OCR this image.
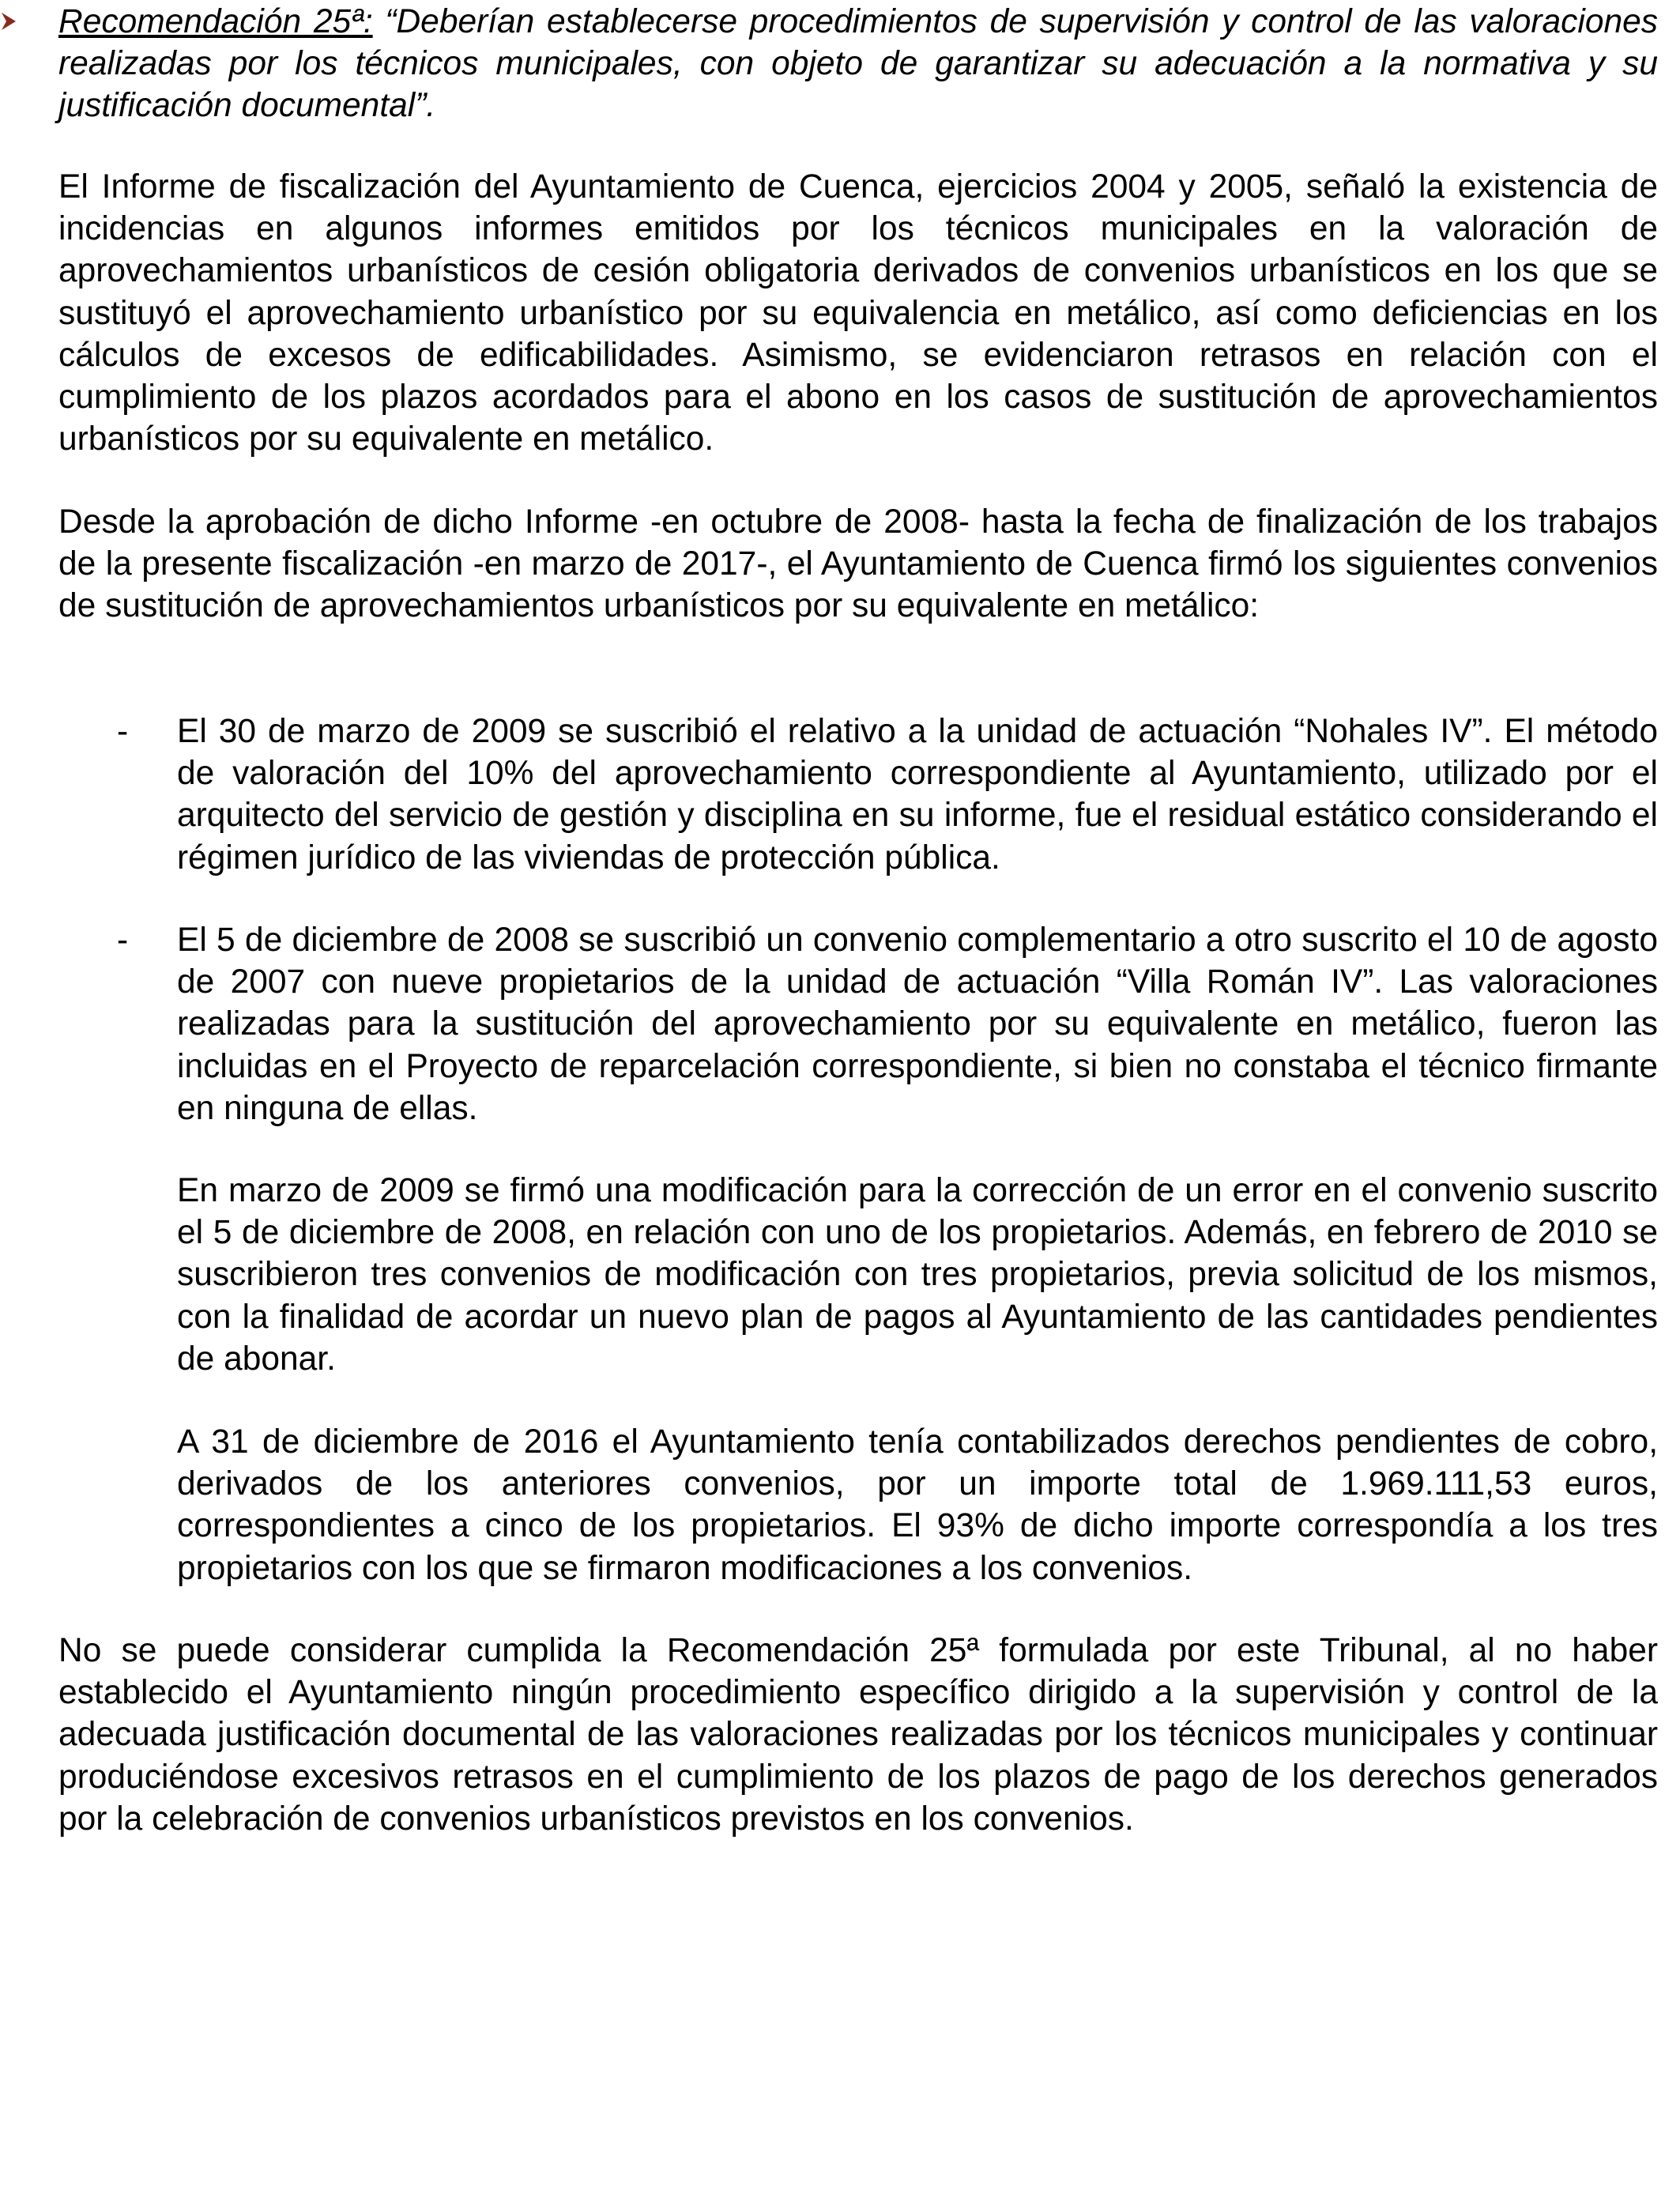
Recomendación 25ª: “Deberían establecerse procedimientos de supervisión y control de las valoraciones realizadas por los técnicos municipales, con objeto de garantizar su adecuación a la normativa y su justificación documental”.

El Informe de fiscalización del Ayuntamiento de Cuenca, ejercicios 2004 y 2005, señaló la existencia de incidencias en algunos informes emitidos por los técnicos municipales en la valoración de aprovechamientos urbanísticos de cesión obligatoria derivados de convenios urbanísticos en los que se sustituyó el aprovechamiento urbanístico por su equivalencia en metálico, así como deficiencias en los cálculos de excesos de edificabilidades. Asimismo, se evidenciaron retrasos en relación con el cumplimiento de los plazos acordados para el abono en los casos de sustitución de aprovechamientos urbanísticos por su equivalente en metálico.

Desde la aprobación de dicho Informe -en octubre de 2008- hasta la fecha de finalización de los trabajos de la presente fiscalización -en marzo de 2017-, el Ayuntamiento de Cuenca firmó los siguientes convenios de sustitución de aprovechamientos urbanísticos por su equivalente en metálico:

- El 30 de marzo de 2009 se suscribió el relativo a la unidad de actuación “Nohales IV”. El método de valoración del 10% del aprovechamiento correspondiente al Ayuntamiento, utilizado por el arquitecto del servicio de gestión y disciplina en su informe, fue el residual estático considerando el régimen jurídico de las viviendas de protección pública.

- El 5 de diciembre de 2008 se suscribió un convenio complementario a otro suscrito el 10 de agosto de 2007 con nueve propietarios de la unidad de actuación “Villa Román IV”. Las valoraciones realizadas para la sustitución del aprovechamiento por su equivalente en metálico, fueron las incluidas en el Proyecto de reparcelación correspondiente, si bien no constaba el técnico firmante en ninguna de ellas.

En marzo de 2009 se firmó una modificación para la corrección de un error en el convenio suscrito el 5 de diciembre de 2008, en relación con uno de los propietarios. Además, en febrero de 2010 se suscribieron tres convenios de modificación con tres propietarios, previa solicitud de los mismos, con la finalidad de acordar un nuevo plan de pagos al Ayuntamiento de las cantidades pendientes de abonar.

A 31 de diciembre de 2016 el Ayuntamiento tenía contabilizados derechos pendientes de cobro, derivados de los anteriores convenios, por un importe total de 1.969.111,53 euros, correspondientes a cinco de los propietarios. El 93% de dicho importe correspondía a los tres propietarios con los que se firmaron modificaciones a los convenios.

No se puede considerar cumplida la Recomendación 25ª formulada por este Tribunal, al no haber establecido el Ayuntamiento ningún procedimiento específico dirigido a la supervisión y control de la adecuada justificación documental de las valoraciones realizadas por los técnicos municipales y continuar produciéndose excesivos retrasos en el cumplimiento de los plazos de pago de los derechos generados por la celebración de convenios urbanísticos previstos en los convenios.
